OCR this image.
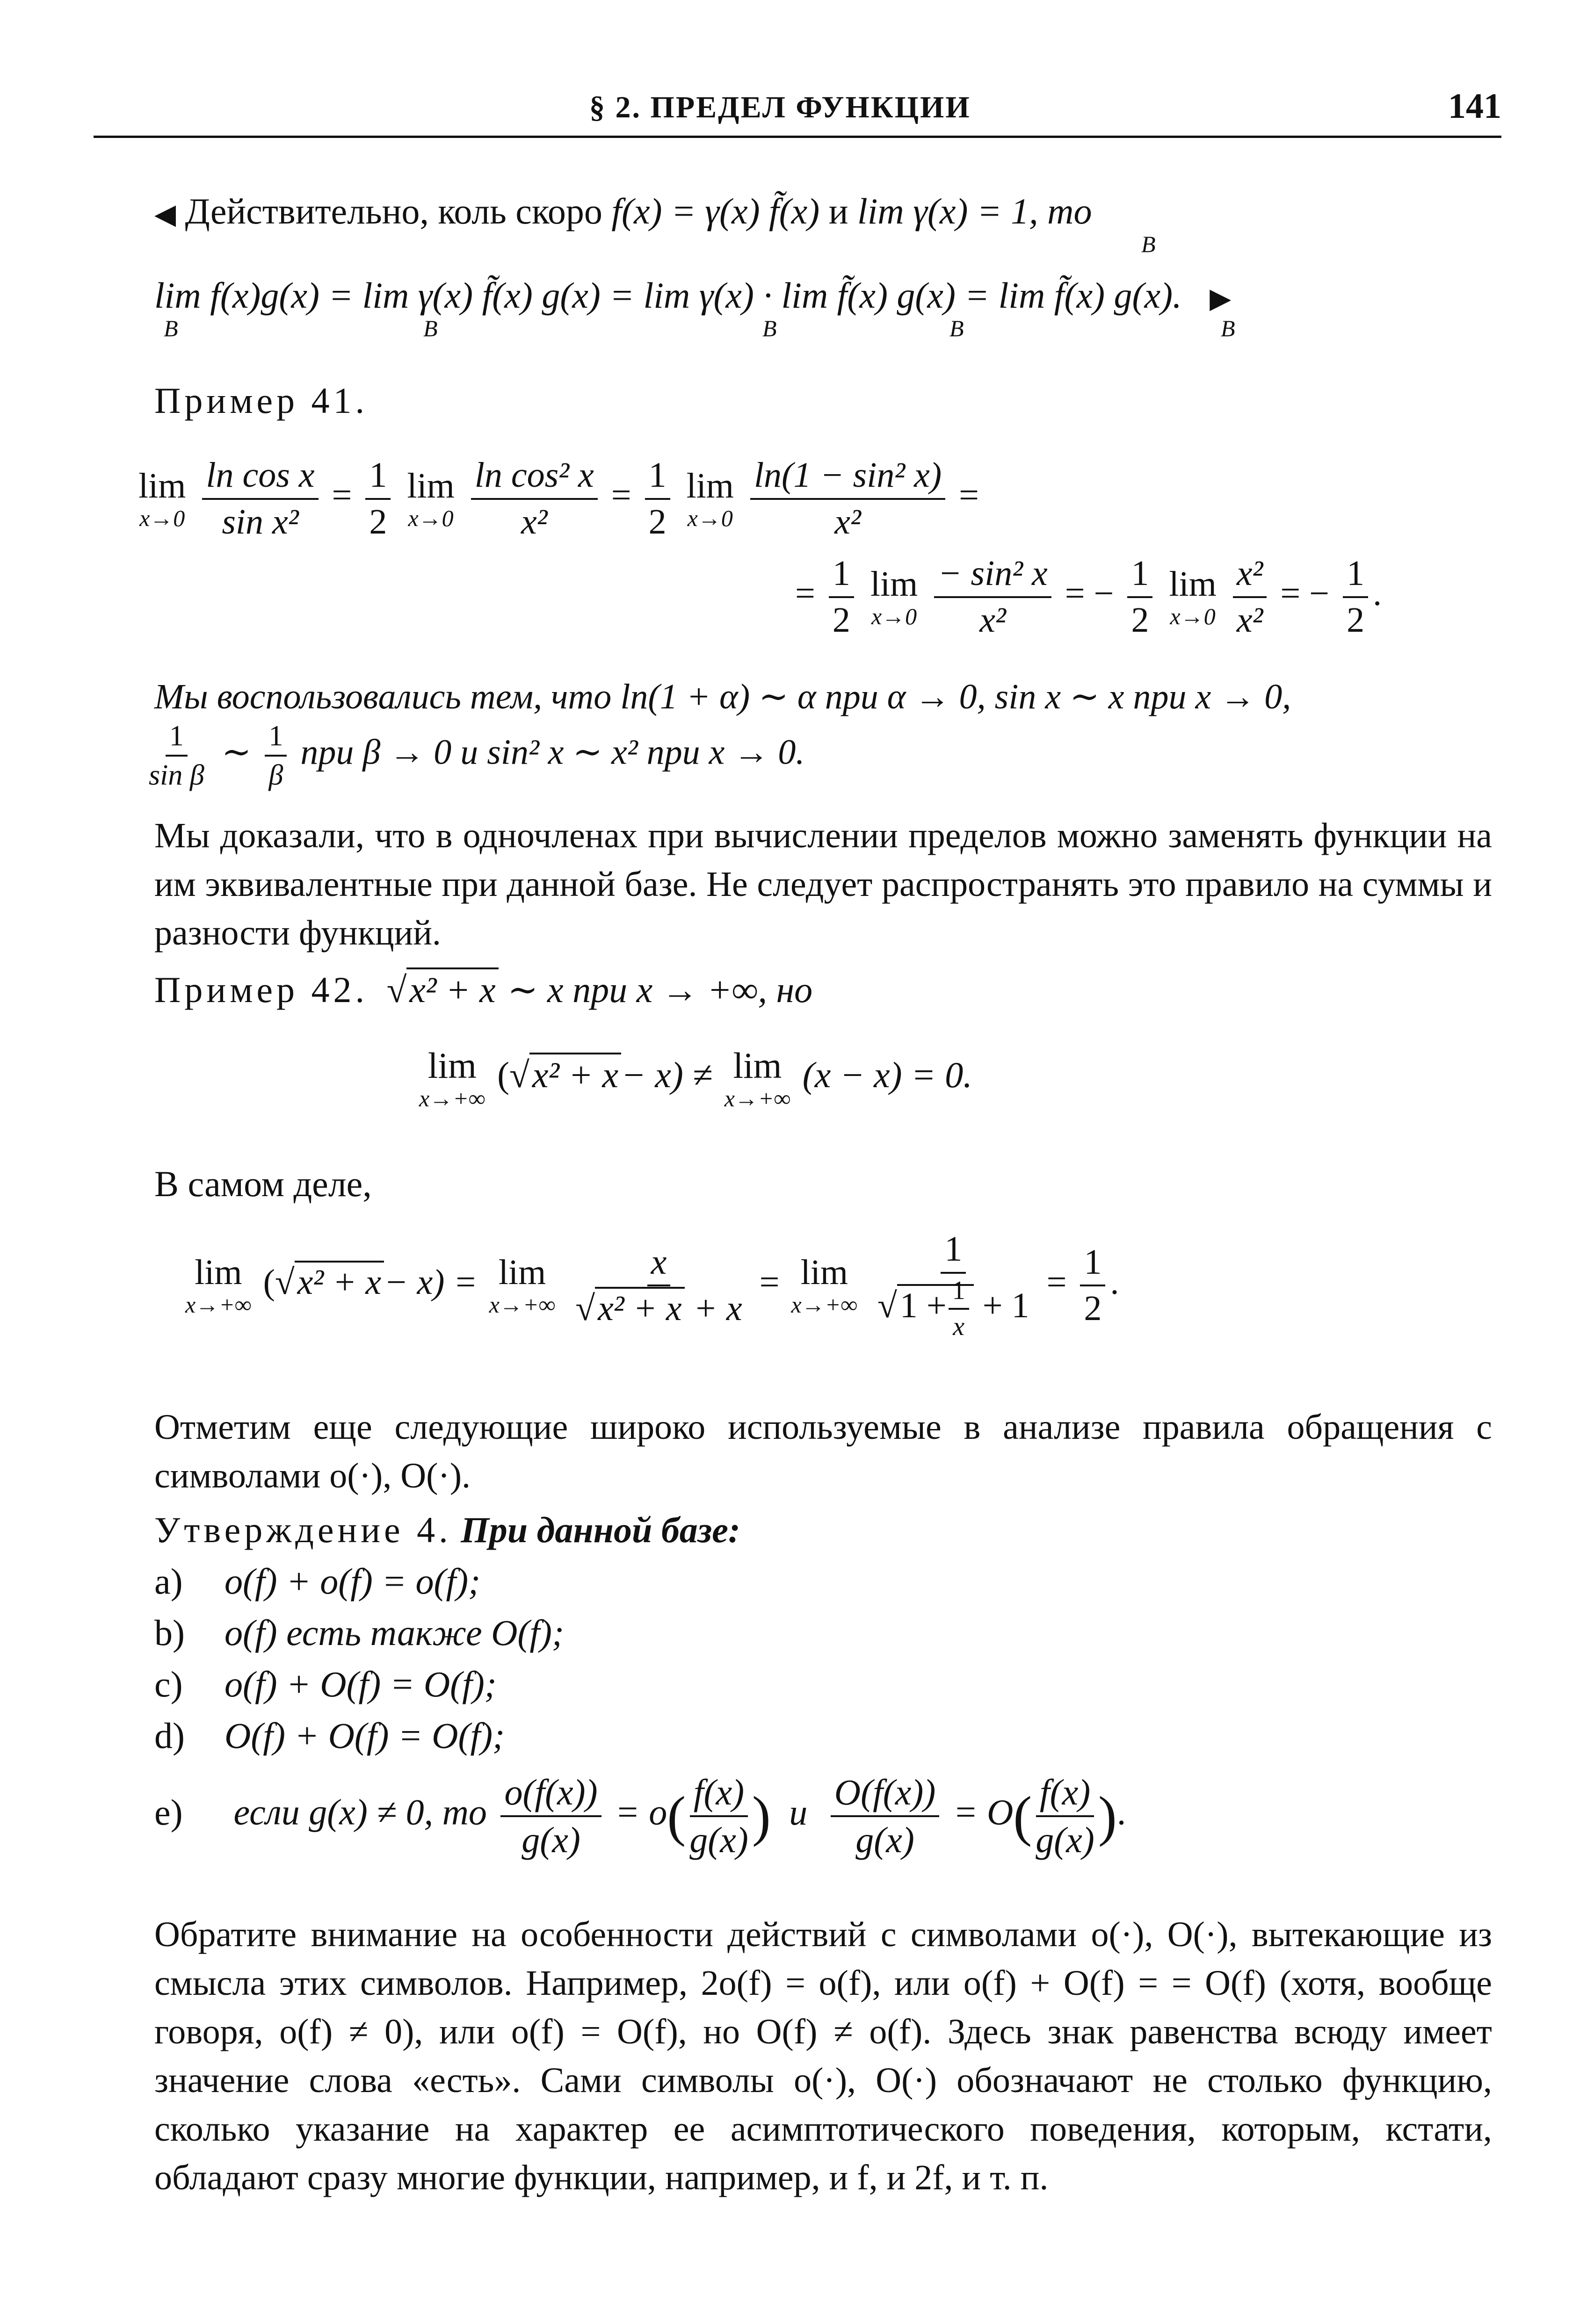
§ 2. ПРЕДЕЛ ФУНКЦИИ	141
◀ Действительно, коль скоро f(x) = γ(x) f̃(x) и lim γ(x) = 1, то
B
lim f(x)g(x) = lim γ(x) f̃(x) g(x) = lim γ(x) · lim f̃(x) g(x) = lim f̃(x) g(x). ▶
B	B	B	B	B
Пример 41.
lim
x→0
$\frac{\text{ln cos x}}{\text{sin x²}} = \frac{1}{2}$
lim
x→0
$\frac{\text{ln cos² x}}{\text{x²}} = \frac{1}{2}$
lim
x→0
$\frac{\text{ln(1 − sin² x)}}{\text{x²}}$ =
= $\frac{1}{2}$
lim
x→0
$\frac{\text{− sin² x}}{\text{x²}}$ = − $\frac{1}{2}$
lim
x→0
$\frac{\text{x²}}{\text{x²}}$ = − $\frac{1}{2}$ .
Мы воспользовались тем, что ln(1 + α) ∼ α при α → 0, sin x ∼ x при x → 0,
$\frac{1}{\text{sin β}}$ ∼ $\frac{1}{\beta}$ при β → 0 и sin² x ∼ x² при x → 0.
Мы доказали, что в одночленах при вычислении пределов можно заменять функции на им эквивалентные при данной базе. Не следует распространять это правило на суммы и разности функций.
Пример 42. √x² + x ∼ x при x → +∞, но
lim
x→+∞
(√x² + x− x) ≠ lim
x→+∞
(x − x) = 0.
В самом деле,
lim
x→+∞
(√x² + x− x) = lim
x→+∞
$\frac{x}{\text{√x² + x + x}} = \lim$
x→+∞
$\frac{1}{√1 + \frac{1}{x} + 1} = \frac{1}{2}$ .
Отметим еще следующие широко используемые в анализе правила обращения с символами o(·), O(·).
Утверждение 4. При данной базе:
a) o(f) + o(f) = o(f);
b) o(f) есть также O(f);
c) o(f) + O(f) = O(f);
d) O(f) + O(f) = O(f);
e) если g(x) ≠ 0, то $\frac{o(f(x))}{g(x)} = o( \frac{f(x)}{g(x)}$ ) и $\frac{O(f(x))}{g(x)} = O( \frac{f(x)}{g(x)}$ ).
Обратите внимание на особенности действий с символами o(·), O(·), вытекающие из смысла этих символов. Например, 2o(f) = o(f), или o(f) + O(f) = = O(f) (хотя, вообще говоря, o(f) ≠ 0), или o(f) = O(f), но O(f) ≠ o(f). Здесь знак равенства всюду имеет значение слова «есть». Сами символы o(·), O(·) обозначают не столько функцию, сколько указание на характер ее асимптотического поведения, которым, кстати, обладают сразу многие функции, например, и f, и 2f, и т. п.
